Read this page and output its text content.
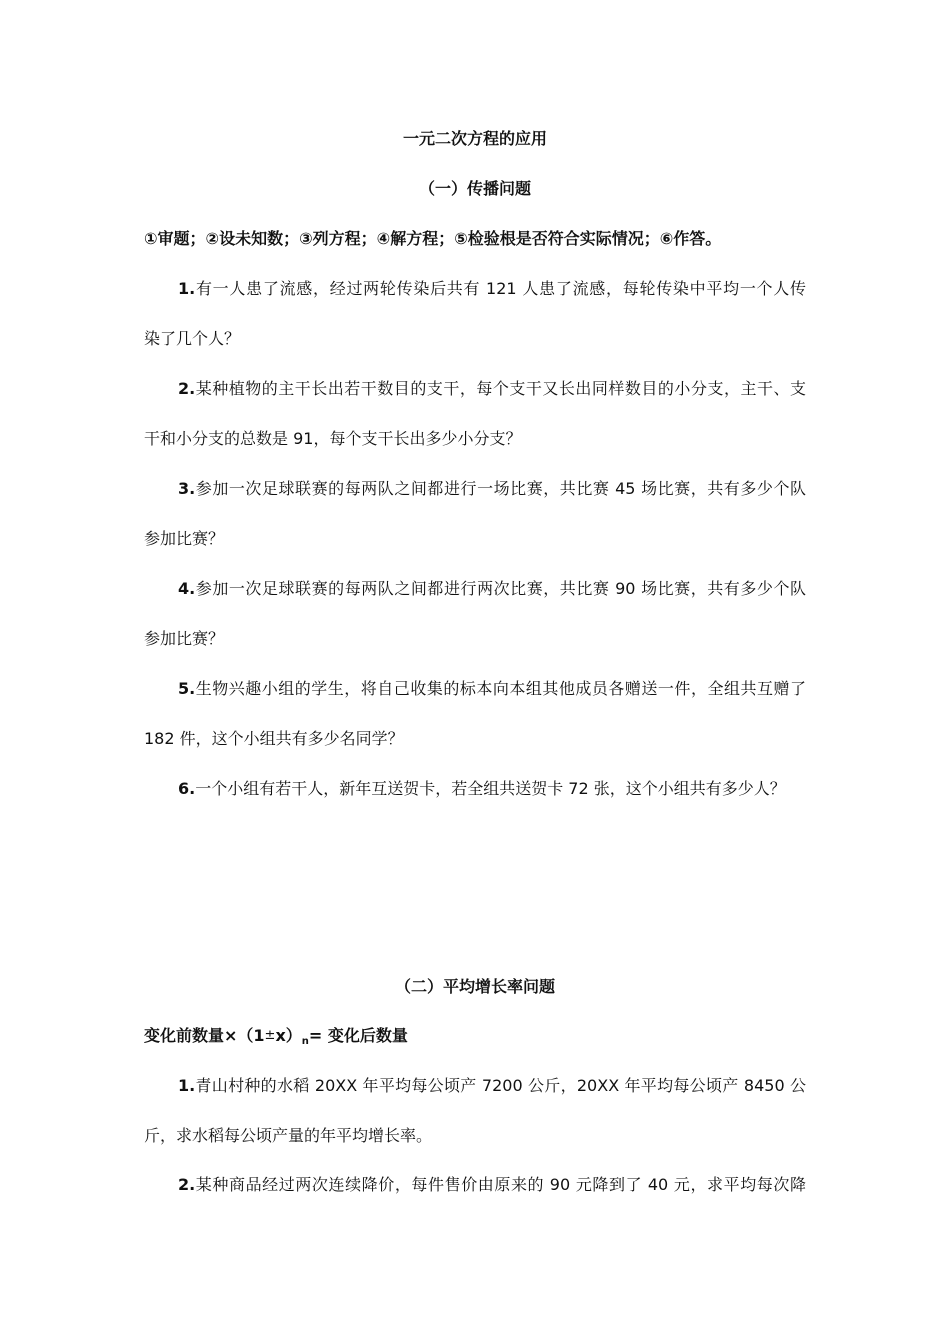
一元二次方程的应用
（一）传播问题
①审题；②设未知数；③列方程；④解方程；⑤检验根是否符合实际情况；⑥作答。
1.有一人患了流感，经过两轮传染后共有 121 人患了流感，每轮传染中平均一个人传
染了几个人？
2.某种植物的主干长出若干数目的支干，每个支干又长出同样数目的小分支，主干、支
干和小分支的总数是 91，每个支干长出多少小分支？
3.参加一次足球联赛的每两队之间都进行一场比赛，共比赛 45 场比赛，共有多少个队
参加比赛？
4.参加一次足球联赛的每两队之间都进行两次比赛，共比赛 90 场比赛，共有多少个队
参加比赛？
5.生物兴趣小组的学生，将自己收集的标本向本组其他成员各赠送一件，全组共互赠了
182 件，这个小组共有多少名同学？
6.一个小组有若干人，新年互送贺卡，若全组共送贺卡 72 张，这个小组共有多少人？
（二）平均增长率问题
变化前数量$\times(1\pm x)_n=$ 变化后数量
1.青山村种的水稻 20XX 年平均每公顷产 7200 公斤，20XX 年平均每公顷产 8450 公
斤，求水稻每公顷产量的年平均增长率。
2.某种商品经过两次连续降价，每件售价由原来的 90 元降到了 40 元，求平均每次降
